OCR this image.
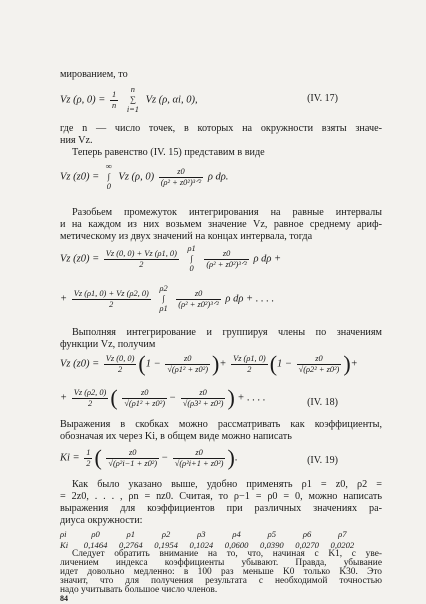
мированием, то
Vz (ρ, $0) = \frac{1}{n}$
	n
∑
i=1
Vz (ρ, αi, 0),	(IV. 17)
где n — число точек, в которых на окружности взяты значе-
ния Vz.
Теперь равенство (IV. 15) представим в виде
Vz (z0) =
∞
∫
0
Vz (ρ, 0)
z0
(ρ² + z0²)³ᐟ² ρ dρ.
Разобьем промежуток интегрирования на равные интервалы
и на каждом из них возьмем значение Vz, равное среднему ариф-
метическому из двух значений на концах интервала, тогда
Vz $(z0) = \frac{Vz (0, 0) + Vz (\rho 1, 0)}{2}$
ρ1
∫
0

z0
(ρ² + z0²)³ᐟ² ρ dρ +
+ $\frac{Vz (\rho 1, 0) + Vz (\rho 2, 0)}{2}$
ρ2
∫
ρ1

z0
(ρ² + z0²)³ᐟ² ρ dρ + . . . .
Выполняя интегрирование и группируя члены по значениям
функции Vz, получим
Vz $(z0) = \frac{Vz (0, 0)}{2} (1 - \frac{z0}{\text{√(ρ1² + z0²)}}$ )+ $\frac{Vz (\rho 1, 0)}{2} (1 - \frac{z0}{\text{√(ρ2² + z0²)}}$ )+
+ $\frac{Vz (\rho 2, 0)}{2}$ ( $\frac{z0}{\text{√(ρ1² + z0²)}} - \frac{z0}{\text{√(ρ3² + z0²)}}$ ) + . . . .	(IV. 18)
Выражения в скобках можно рассматривать как коэффициенты,
обозначая их через Ki, в общем виде можно написать
$Ki = \frac{1}{2}$ ( $\frac{z0}{\text{√(ρ²i−1 + z0²)}} - \frac{z0}{\text{√(ρ²i+1 + z0²)}}$ ).	(IV. 19)
Как было указано выше, удобно применять ρ1 = z0, ρ2 =
= 2z0, . . . , ρn = nz0. Считая, то ρ−1 = ρ0 = 0, можно написать
выражения для коэффициентов при различных значениях ра-
диуса окружности:
ρi	ρ0	ρ1	ρ2	ρ3	ρ4	ρ5	ρ6	ρ7
Ki	0,1464	0,2764	0,1954	0,1024	0,0600	0,0390	0,0270	0,0202
Следует обратить внимание на то, что, начиная с K1, с уве-
личением индекса коэффициенты убывают. Правда, убывание
84
идет довольно медленно: в 100 раз меньше K0 только K30. Это
значит, что для получения результата с необходимой точностью
надо учитывать большое число членов.
